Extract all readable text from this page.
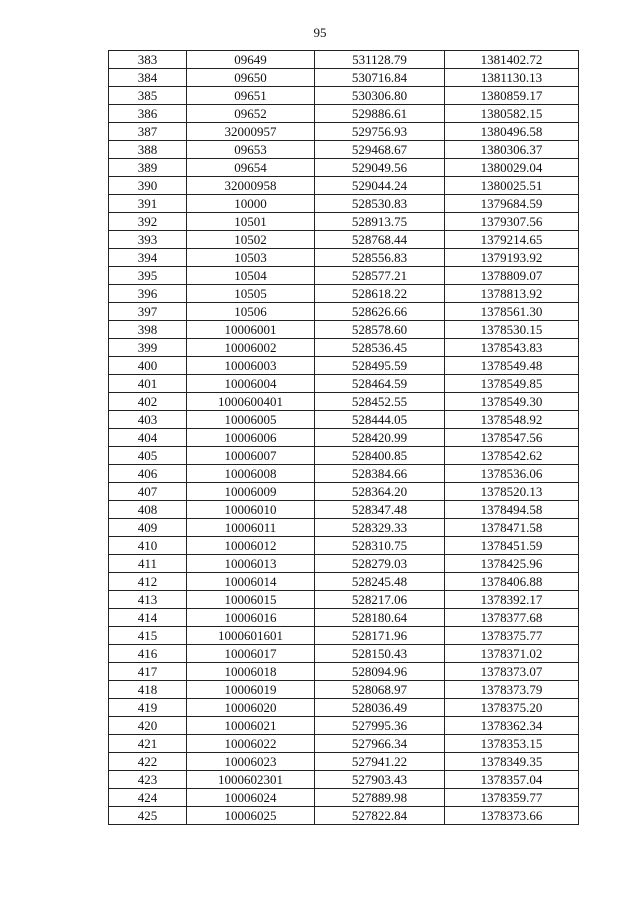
95
383	09649	531128.79	1381402.72
384	09650	530716.84	1381130.13
385	09651	530306.80	1380859.17
386	09652	529886.61	1380582.15
387	32000957	529756.93	1380496.58
388	09653	529468.67	1380306.37
389	09654	529049.56	1380029.04
390	32000958	529044.24	1380025.51
391	10000	528530.83	1379684.59
392	10501	528913.75	1379307.56
393	10502	528768.44	1379214.65
394	10503	528556.83	1379193.92
395	10504	528577.21	1378809.07
396	10505	528618.22	1378813.92
397	10506	528626.66	1378561.30
398	10006001	528578.60	1378530.15
399	10006002	528536.45	1378543.83
400	10006003	528495.59	1378549.48
401	10006004	528464.59	1378549.85
402	1000600401	528452.55	1378549.30
403	10006005	528444.05	1378548.92
404	10006006	528420.99	1378547.56
405	10006007	528400.85	1378542.62
406	10006008	528384.66	1378536.06
407	10006009	528364.20	1378520.13
408	10006010	528347.48	1378494.58
409	10006011	528329.33	1378471.58
410	10006012	528310.75	1378451.59
411	10006013	528279.03	1378425.96
412	10006014	528245.48	1378406.88
413	10006015	528217.06	1378392.17
414	10006016	528180.64	1378377.68
415	1000601601	528171.96	1378375.77
416	10006017	528150.43	1378371.02
417	10006018	528094.96	1378373.07
418	10006019	528068.97	1378373.79
419	10006020	528036.49	1378375.20
420	10006021	527995.36	1378362.34
421	10006022	527966.34	1378353.15
422	10006023	527941.22	1378349.35
423	1000602301	527903.43	1378357.04
424	10006024	527889.98	1378359.77
425	10006025	527822.84	1378373.66
